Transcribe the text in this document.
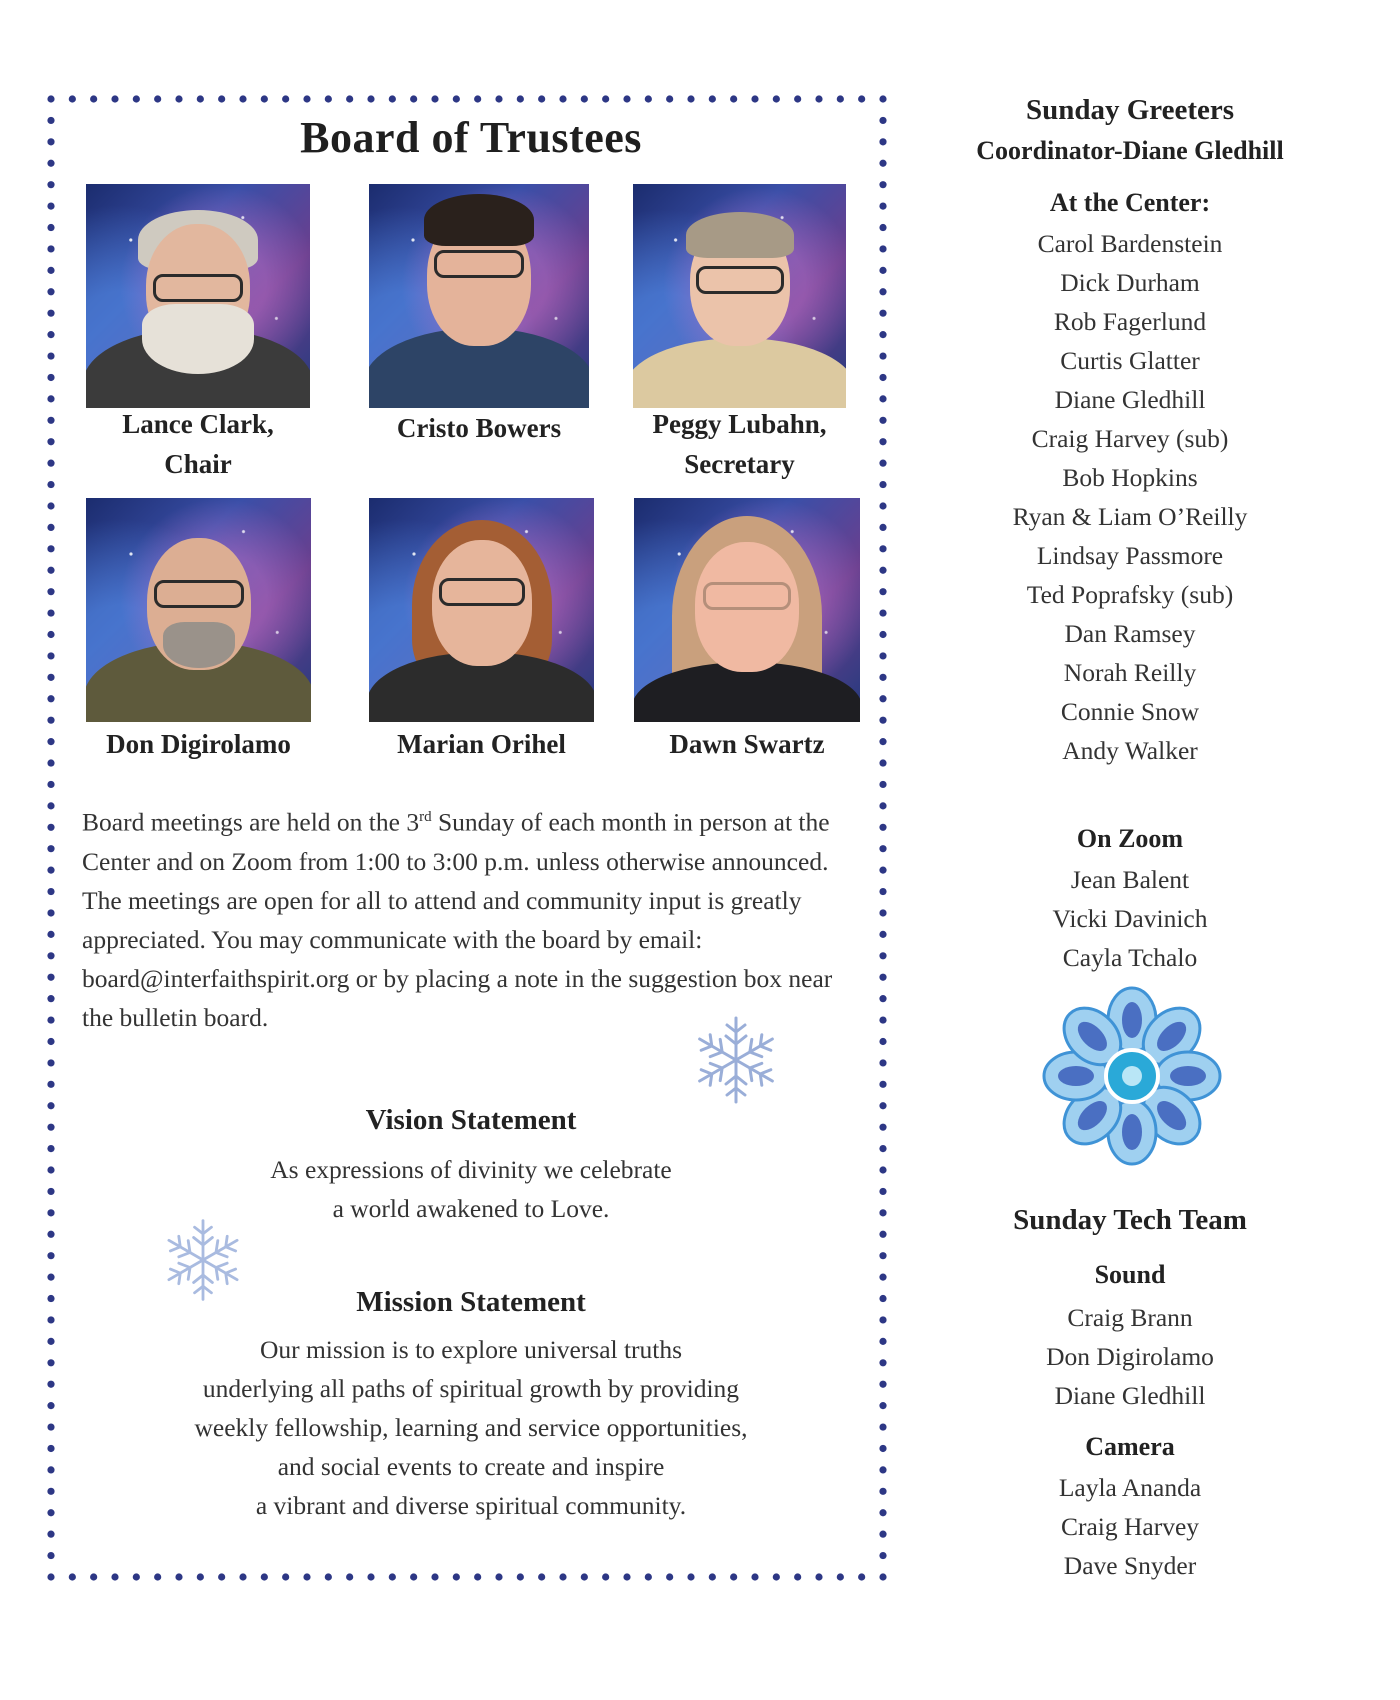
Board of Trustees
Lance Clark,
Chair
Cristo Bowers	Peggy Lubahn,
Secretary
Don Digirolamo	Marian Orihel	Dawn Swartz
Board meetings are held on the 3rd Sunday of each month in person at the Center and on Zoom from 1:00 to 3:00 p.m. unless otherwise announced. The meetings are open for all to attend and community input is greatly appreciated. You may communicate with the board by email: board@interfaithspirit.org or by placing a note in the suggestion box near the bulletin board.
Vision Statement
As expressions of divinity we celebrate
a world awakened to Love.
Mission Statement
Our mission is to explore universal truths
underlying all paths of spiritual growth by providing
weekly fellowship, learning and service opportunities,
and social events to create and inspire
a vibrant and diverse spiritual community.
Sunday Greeters
Coordinator-Diane Gledhill
At the Center:
Carol Bardenstein
Dick Durham
Rob Fagerlund
Curtis Glatter
Diane Gledhill
Craig Harvey (sub)
Bob Hopkins
Ryan & Liam O’Reilly
Lindsay Passmore
Ted Poprafsky (sub)
Dan Ramsey
Norah Reilly
Connie Snow
Andy Walker
On Zoom
Jean Balent
Vicki Davinich
Cayla Tchalo
Sunday Tech Team
Sound
Craig Brann
Don Digirolamo
Diane Gledhill
Camera
Layla Ananda
Craig Harvey
Dave Snyder
